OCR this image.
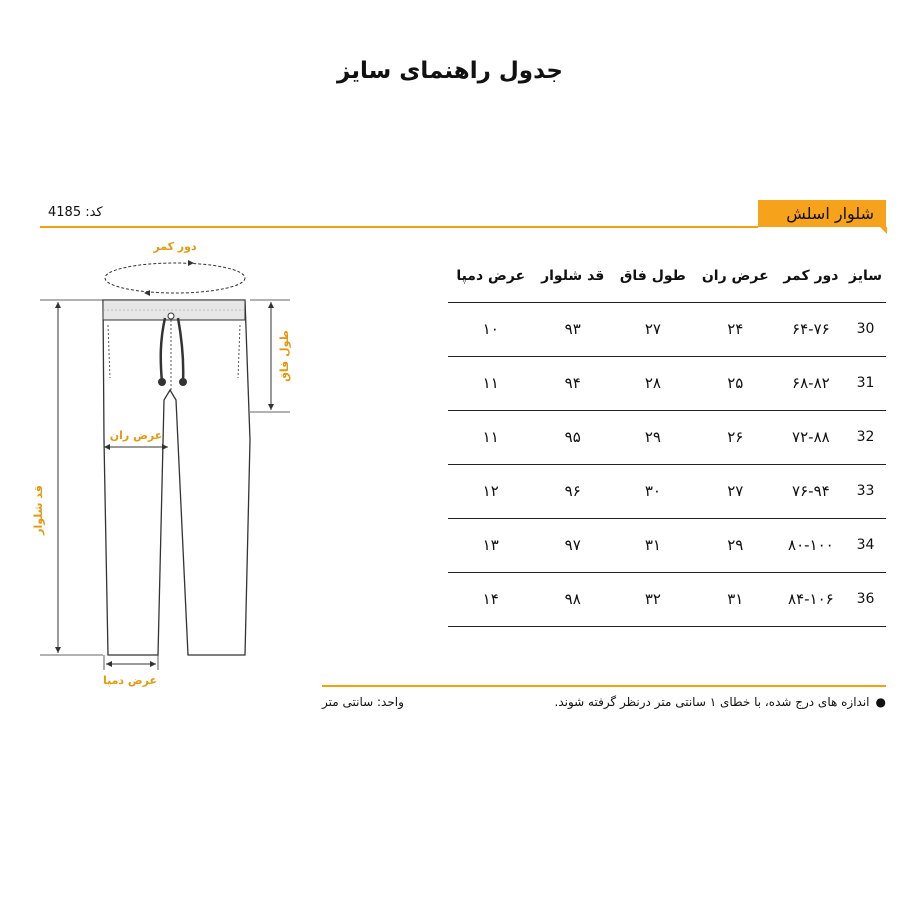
جدول راهنمای سایز
کد: 4185	شلوار اسلش
دور کمر
طول فاق
عرض ران
قد شلوار
عرض دمپا
سایز	دور کمر	عرض ران	طول فاق	قد شلوار	عرض دمپا
30	۶۴-۷۶	۲۴	۲۷	۹۳	۱۰
31	۶۸-۸۲	۲۵	۲۸	۹۴	۱۱
32	۷۲-۸۸	۲۶	۲۹	۹۵	۱۱
33	۷۶-۹۴	۲۷	۳۰	۹۶	۱۲
34	۸۰-۱۰۰	۲۹	۳۱	۹۷	۱۳
36	۸۴-۱۰۶	۳۱	۳۲	۹۸	۱۴
●اندازه های درج شده، با خطای ۱ سانتی متر درنظر گرفته شوند.
واحد: سانتی متر
